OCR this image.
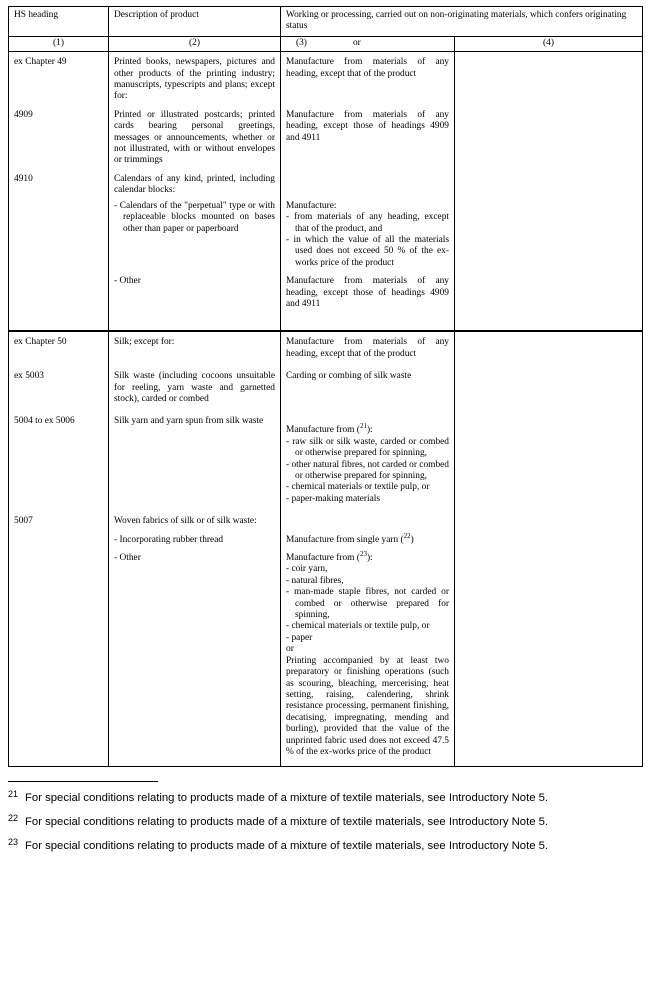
HS heading	Description of product	Working or processing, carried out on non-originating materials, which confers originating status	
(1)	(2)	(3) or	(4)

ex Chapter 49	Printed books, newspapers, pictures and other products of the printing industry; manuscripts, typescripts and plans; except for:	Manufacture from materials of any heading, except that of the product	

4909	Printed or illustrated postcards; printed cards bearing personal greetings, messages or announcements, whether or not illustrated, with or without envelopes or trimmings	Manufacture from materials of any heading, except those of headings 4909 and 4911	

4910	Calendars of any kind, printed, including calendar blocks:		

	- Calendars of the "perpetual" type or with replaceable blocks mounted on bases other than paper or paperboard	Manufacture:

- from materials of any heading, except that of the product, and

- in which the value of all the materials used does not exceed 50 % of the ex-works price of the product	

	- Other	Manufacture from materials of any heading, except those of headings 4909 and 4911	

ex Chapter 50	Silk; except for:	Manufacture from materials of any heading, except that of the product	

ex 5003	Silk waste (including cocoons unsuitable for reeling, yarn waste and garnetted stock), carded or combed	Carding or combing of silk waste	

5004 to ex 5006	Silk yarn and yarn spun from silk waste	Manufacture from ($^{21}$):

- raw silk or silk waste, carded or combed or otherwise prepared for spinning,

- other natural fibres, not carded or combed or otherwise prepared for spinning,

- chemical materials or textile pulp, or

- paper-making materials	

5007	Woven fabrics of silk or of silk waste:		

	- Incorporating rubber thread	Manufacture from single yarn ($^{22}$)	

- Other	Manufacture from ($^{23}$):

- coir yarn,

- natural fibres,

- man-made staple fibres, not carded or combed or otherwise prepared for spinning,

- chemical materials or textile pulp, or

- paper

or

Printing accompanied by at least two preparatory or finishing operations (such as scouring, bleaching, mercerising, heat setting, raising, calendering, shrink resistance processing, permanent finishing, decatising, impregnating, mending and burling), provided that the value of the unprinted fabric used does not exceed 47.5 % of the ex-works price of the product

$^{21}$ For special conditions relating to products made of a mixture of textile materials, see Introductory Note 5.
$^{22}$ For special conditions relating to products made of a mixture of textile materials, see Introductory Note 5.
$^{23}$ For special conditions relating to products made of a mixture of textile materials, see Introductory Note 5.
